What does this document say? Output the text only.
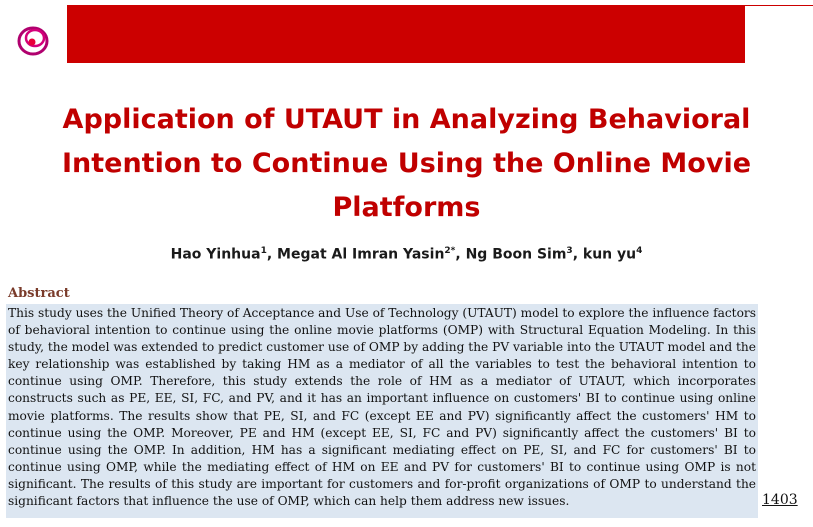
Application of UTAUT in Analyzing Behavioral Intention to Continue Using the Online Movie Platforms
Hao Yinhua$^1$, Megat Al Imran Yasin$^{2*}$, Ng Boon Sim$^3$, kun $yu^4$
Abstract
This study uses the Unified Theory of Acceptance and Use of Technology (UTAUT) model to explore the influence factors of behavioral intention to continue using the online movie platforms (OMP) with Structural Equation Modeling. In this study, the model was extended to predict customer use of OMP by adding the PV variable into the UTAUT model and the key relationship was established by taking HM as a mediator of all the variables to test the behavioral intention to continue using OMP. Therefore, this study extends the role of HM as a mediator of UTAUT, which incorporates constructs such as PE, EE, SI, FC, and PV, and it has an important influence on customers' BI to continue using online movie platforms. The results show that PE, SI, and FC (except EE and PV) significantly affect the customers' HM to continue using the OMP. Moreover, PE and HM (except EE, SI, FC and PV) significantly affect the customers' BI to continue using the OMP. In addition, HM has a significant mediating effect on PE, SI, and FC for customers' BI to continue using OMP, while the mediating effect of HM on EE and PV for customers' BI to continue using OMP is not significant. The results of this study are important for customers and for-profit organizations of OMP to understand the significant factors that influence the use of OMP, which can help them address new issues.	1403
